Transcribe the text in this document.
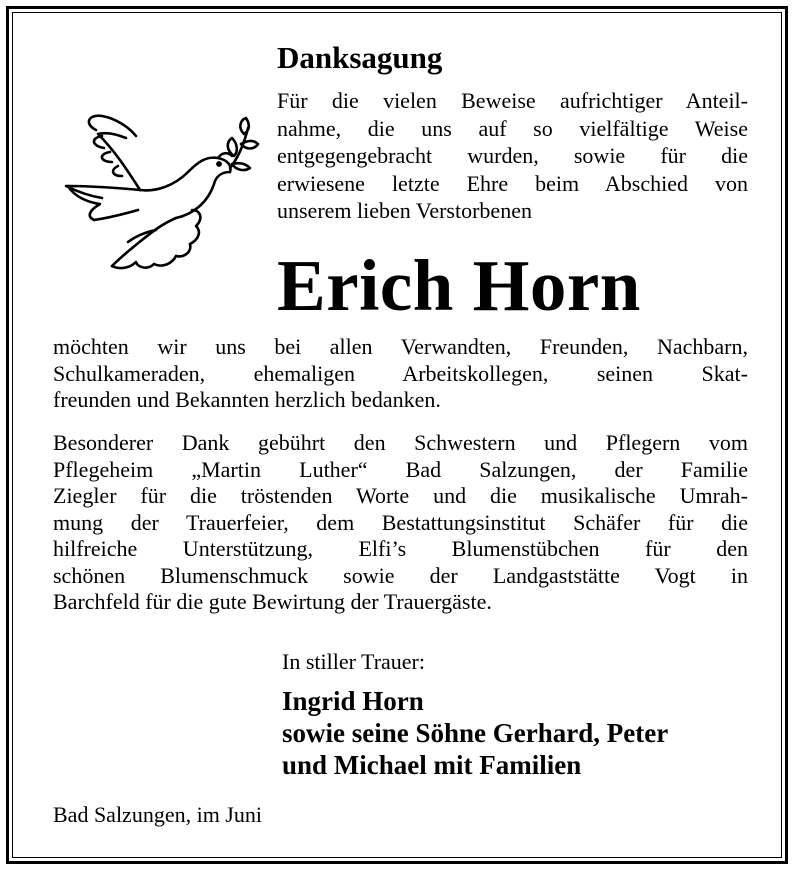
Danksagung
Für die vielen Beweise aufrichtiger Anteil-
nahme, die uns auf so vielfältige Weise
entgegengebracht wurden, sowie für die
erwiesene letzte Ehre beim Abschied von
unserem lieben Verstorbenen
Erich Horn
möchten wir uns bei allen Verwandten, Freunden, Nachbarn,
Schulkameraden, ehemaligen Arbeitskollegen, seinen Skat-
freunden und Bekannten herzlich bedanken.
Besonderer Dank gebührt den Schwestern und Pflegern vom
Pflegeheim „Martin Luther“ Bad Salzungen, der Familie
Ziegler für die tröstenden Worte und die musikalische Umrah-
mung der Trauerfeier, dem Bestattungsinstitut Schäfer für die
hilfreiche Unterstützung, Elfi’s Blumenstübchen für den
schönen Blumenschmuck sowie der Landgaststätte Vogt in
Barchfeld für die gute Bewirtung der Trauergäste.
In stiller Trauer:
Ingrid Horn
sowie seine Söhne Gerhard, Peter
und Michael mit Familien
Bad Salzungen, im Juni
